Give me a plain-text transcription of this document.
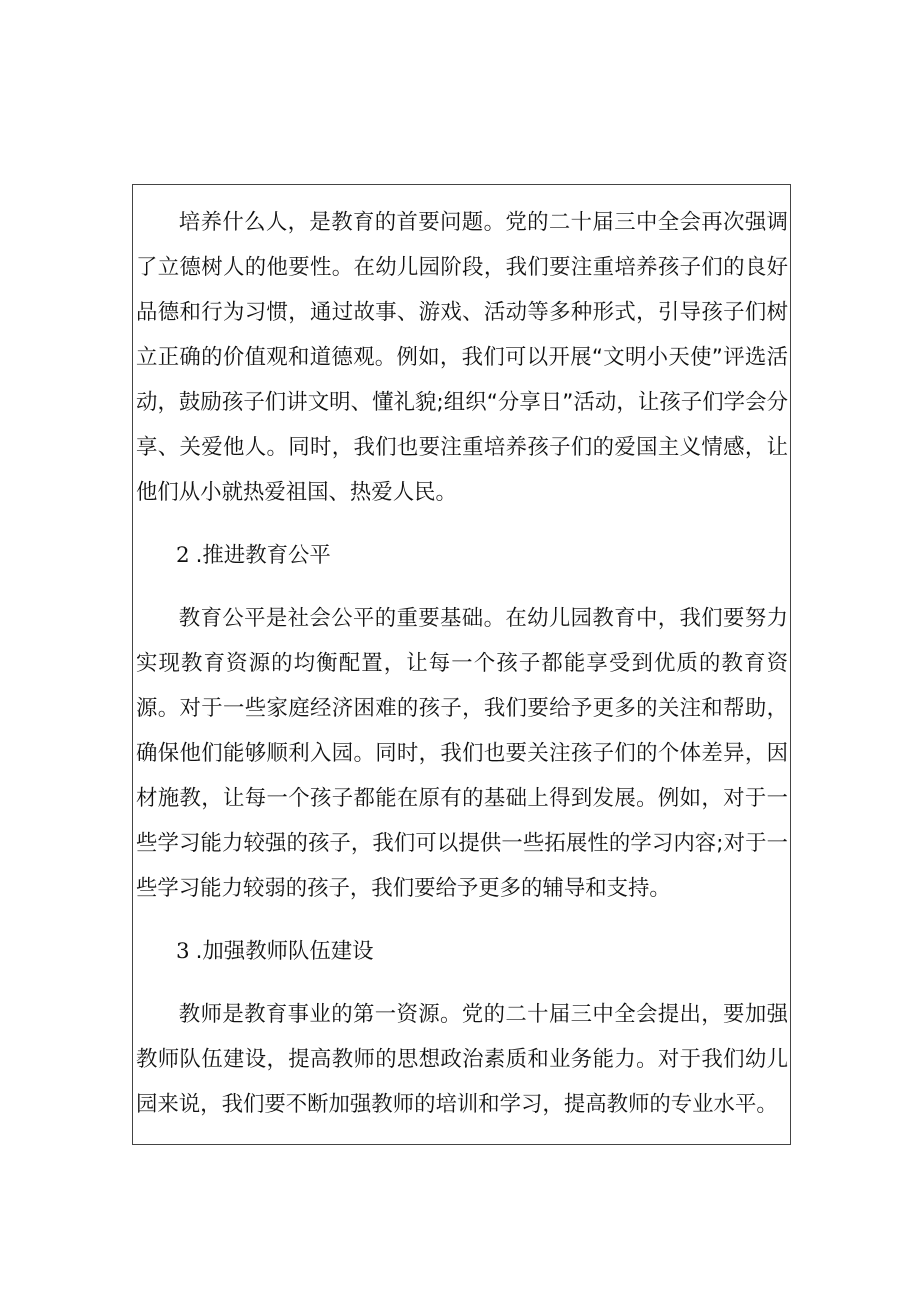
培养什么人，是教育的首要问题。党的二十届三中全会再次强调了立德树人的他要性。在幼儿园阶段，我们要注重培养孩子们的良好品德和行为习惯，通过故事、游戏、活动等多种形式，引导孩子们树立正确的价值观和道德观。例如，我们可以开展“文明小天使”评选活动，鼓励孩子们讲文明、懂礼貌;组织“分享日”活动，让孩子们学会分享、关爱他人。同时，我们也要注重培养孩子们的爱国主义情感，让他们从小就热爱祖国、热爱人民。

2 .推进教育公平

教育公平是社会公平的重要基础。在幼儿园教育中，我们要努力实现教育资源的均衡配置，让每一个孩子都能享受到优质的教育资源。对于一些家庭经济困难的孩子，我们要给予更多的关注和帮助，确保他们能够顺利入园。同时，我们也要关注孩子们的个体差异，因材施教，让每一个孩子都能在原有的基础上得到发展。例如，对于一些学习能力较强的孩子，我们可以提供一些拓展性的学习内容;对于一些学习能力较弱的孩子，我们要给予更多的辅导和支持。

3 .加强教师队伍建设

教师是教育事业的第一资源。党的二十届三中全会提出，要加强教师队伍建设，提高教师的思想政治素质和业务能力。对于我们幼儿园来说，我们要不断加强教师的培训和学习，提高教师的专业水平。
